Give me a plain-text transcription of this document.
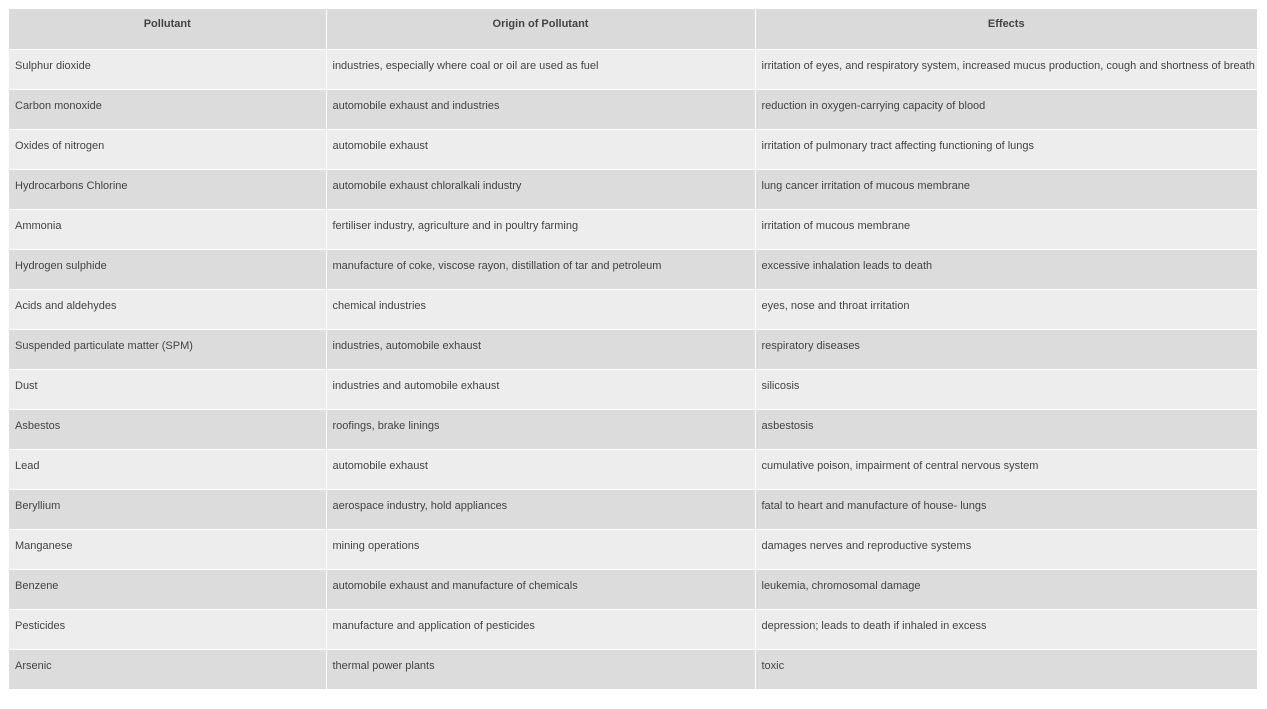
Pollutant	Origin of Pollutant	Effects
Sulphur dioxide	industries, especially where coal or oil are used as fuel	irritation of eyes, and respiratory system, increased mucus production, cough and shortness of breath
Carbon monoxide	automobile exhaust and industries	reduction in oxygen-carrying capacity of blood
Oxides of nitrogen	automobile exhaust	irritation of pulmonary tract affecting functioning of lungs
Hydrocarbons Chlorine	automobile exhaust chloralkali industry	lung cancer irritation of mucous membrane
Ammonia	fertiliser industry, agriculture and in poultry farming	irritation of mucous membrane
Hydrogen sulphide	manufacture of coke, viscose rayon, distillation of tar and petroleum	excessive inhalation leads to death
Acids and aldehydes	chemical industries	eyes, nose and throat irritation
Suspended particulate matter (SPM)	industries, automobile exhaust	respiratory diseases
Dust	industries and automobile exhaust	silicosis
Asbestos	roofings, brake linings	asbestosis
Lead	automobile exhaust	cumulative poison, impairment of central nervous system
Beryllium	aerospace industry, hold appliances	fatal to heart and manufacture of house- lungs
Manganese	mining operations	damages nerves and reproductive systems
Benzene	automobile exhaust and manufacture of chemicals	leukemia, chromosomal damage
Pesticides	manufacture and application of pesticides	depression; leads to death if inhaled in excess
Arsenic	thermal power plants	toxic
